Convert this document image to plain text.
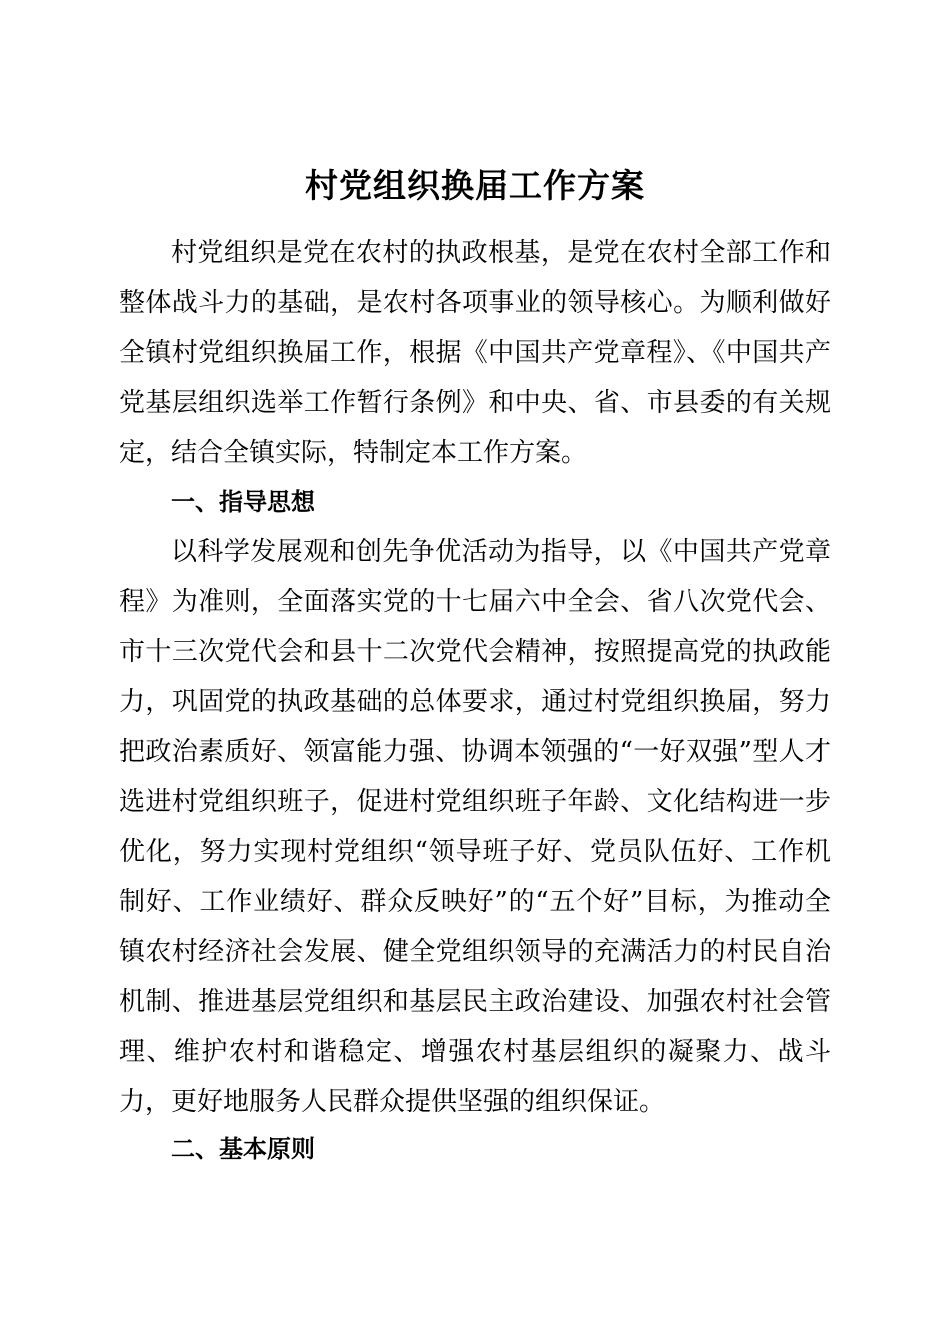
村党组织换届工作方案

村党组织是党在农村的执政根基，是党在农村全部工作和整体战斗力的基础，是农村各项事业的领导核心。为顺利做好全镇村党组织换届工作，根据《中国共产党章程》、《中国共产党基层组织选举工作暂行条例》和中央、省、市县委的有关规定，结合全镇实际，特制定本工作方案。

一、指导思想

以科学发展观和创先争优活动为指导，以《中国共产党章程》为准则，全面落实党的十七届六中全会、省八次党代会、市十三次党代会和县十二次党代会精神，按照提高党的执政能力，巩固党的执政基础的总体要求，通过村党组织换届，努力把政治素质好、领富能力强、协调本领强的“一好双强”型人才选进村党组织班子，促进村党组织班子年龄、文化结构进一步优化，努力实现村党组织“领导班子好、党员队伍好、工作机制好、工作业绩好、群众反映好”的“五个好”目标，为推动全镇农村经济社会发展、健全党组织领导的充满活力的村民自治机制、推进基层党组织和基层民主政治建设、加强农村社会管理、维护农村和谐稳定、增强农村基层组织的凝聚力、战斗力，更好地服务人民群众提供坚强的组织保证。

二、基本原则
